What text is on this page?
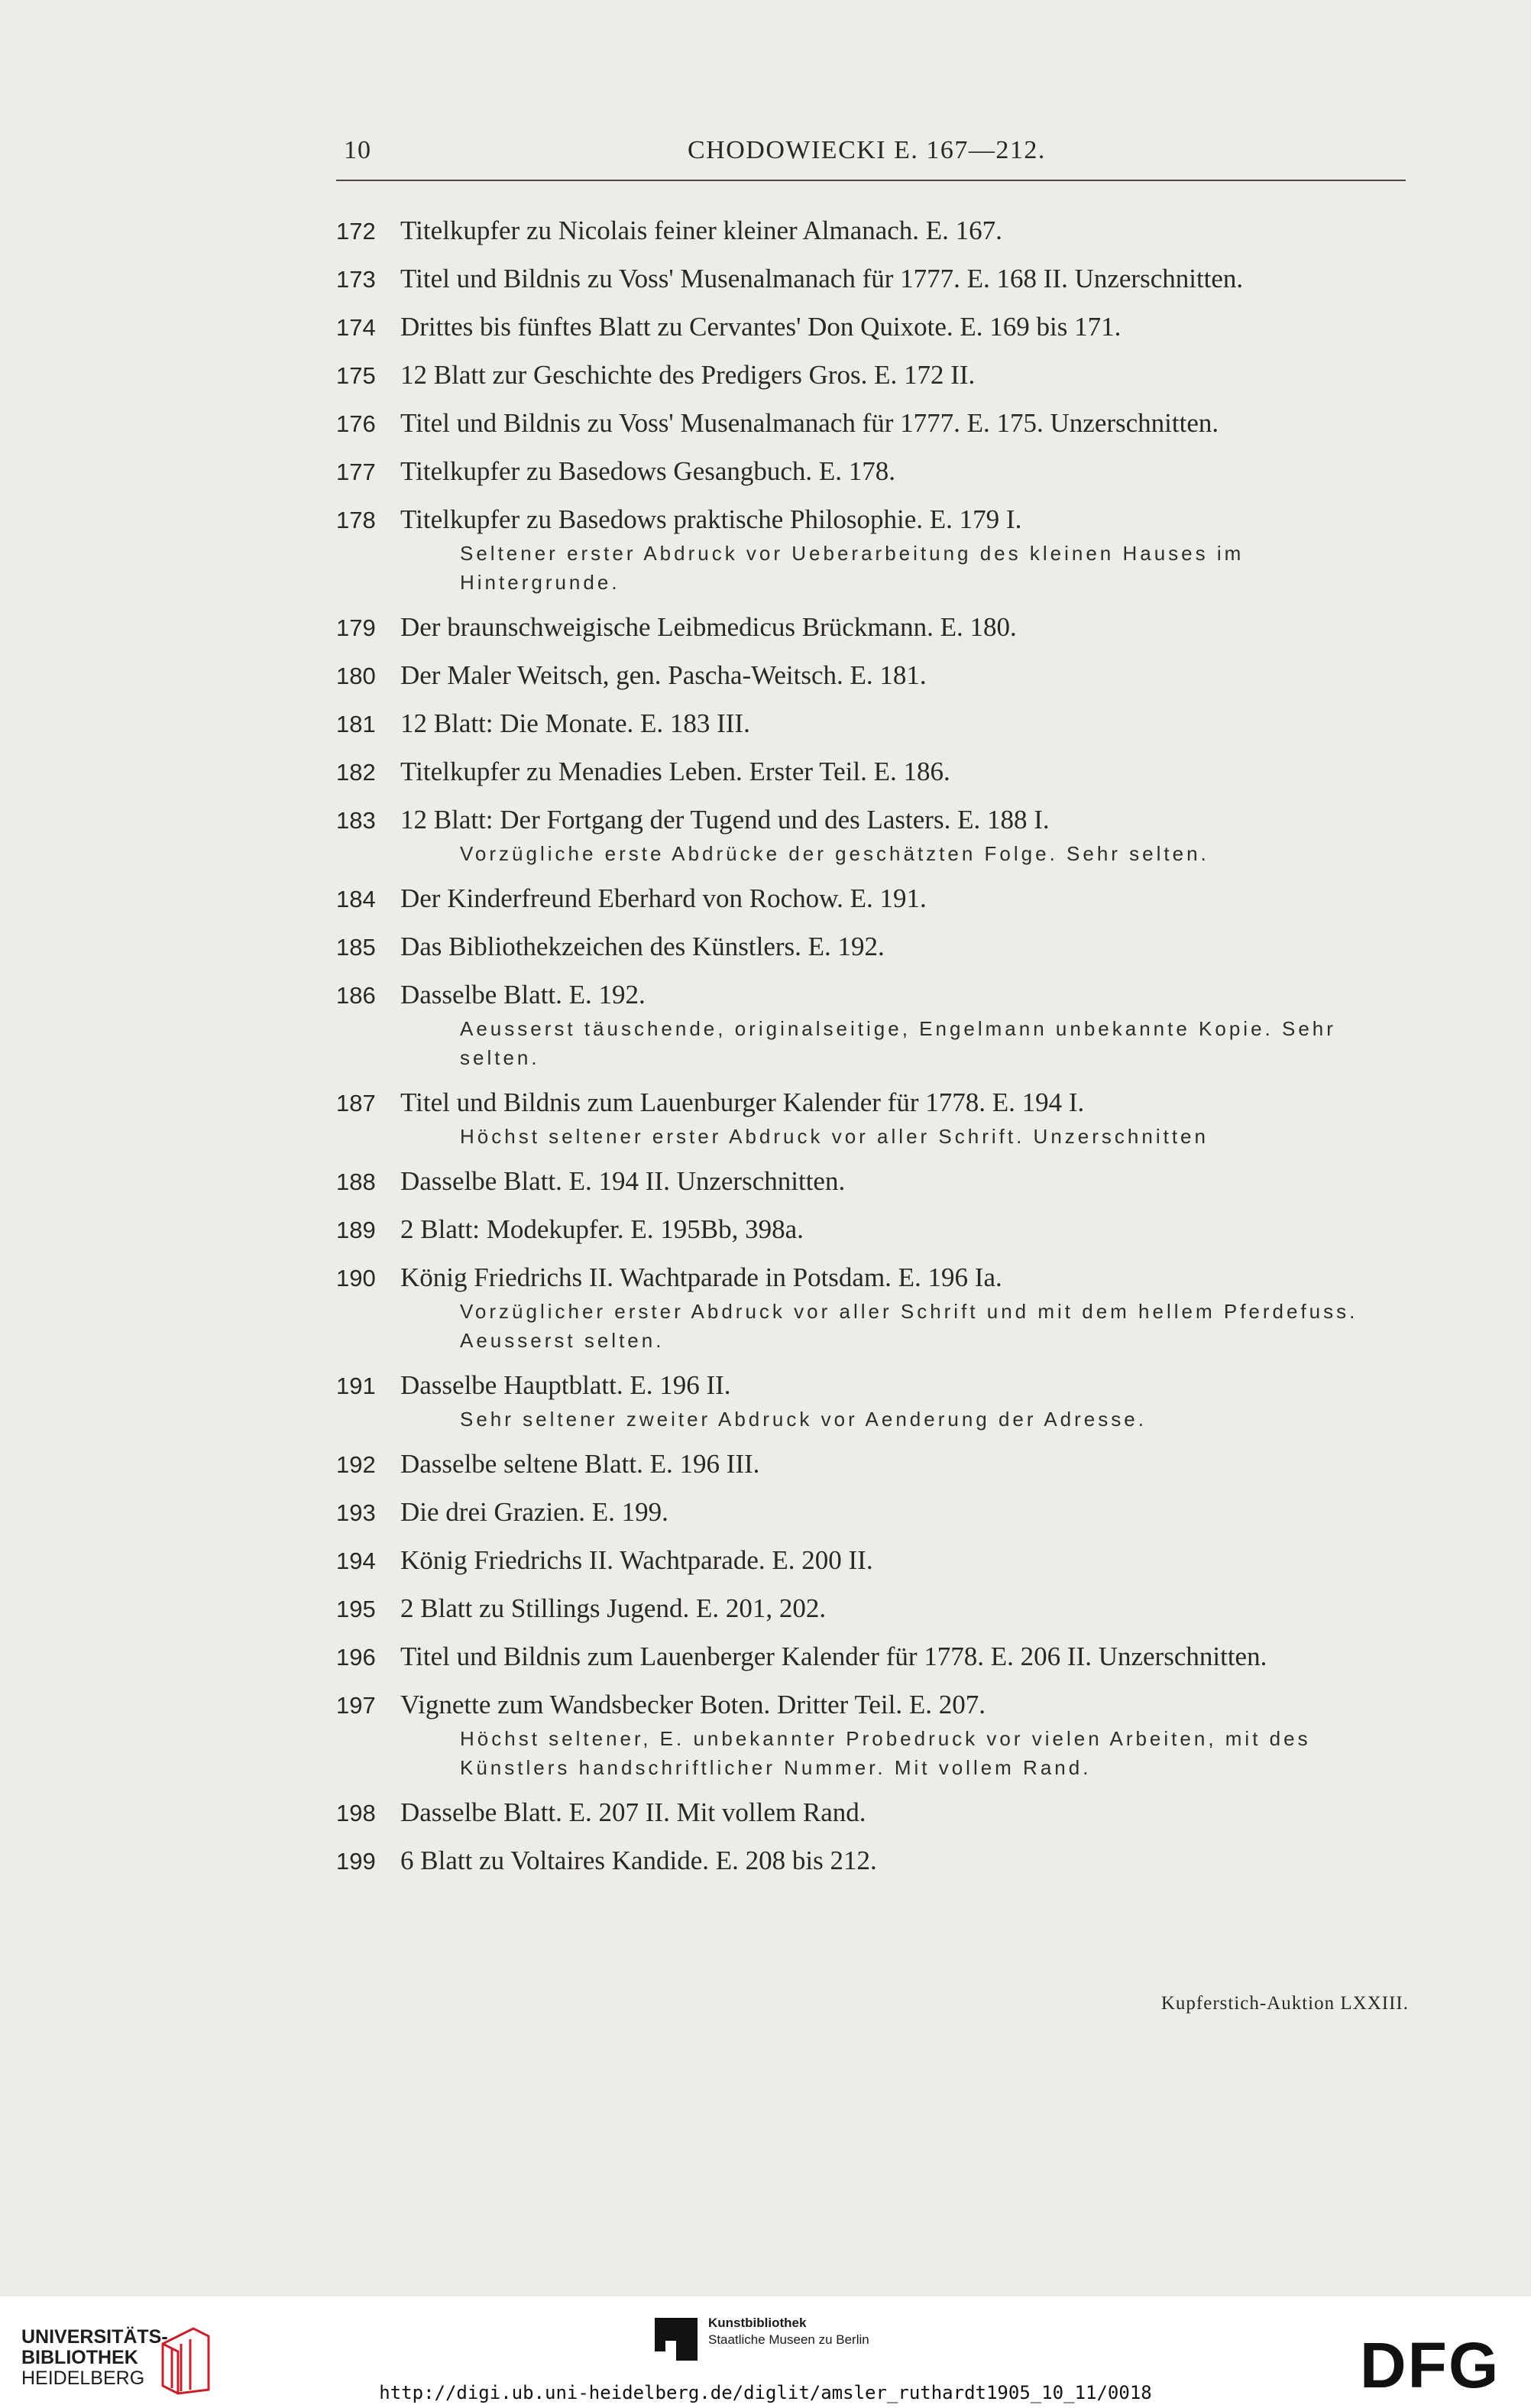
10	CHODOWIECKI E. 167—212.
172 Titelkupfer zu Nicolais feiner kleiner Almanach. E. 167.
173 Titel und Bildnis zu Voss' Musenalmanach für 1777. E. 168 II. Unzerschnitten.
174 Drittes bis fünftes Blatt zu Cervantes' Don Quixote. E. 169 bis 171.
175 12 Blatt zur Geschichte des Predigers Gros. E. 172 II.
176 Titel und Bildnis zu Voss' Musenalmanach für 1777. E. 175. Unzerschnitten.
177 Titelkupfer zu Basedows Gesangbuch. E. 178.
178 Titelkupfer zu Basedows praktische Philosophie. E. 179 I.
Seltener erster Abdruck vor Ueberarbeitung des kleinen Hauses im Hintergrunde.
179 Der braunschweigische Leibmedicus Brückmann. E. 180.
180 Der Maler Weitsch, gen. Pascha-Weitsch. E. 181.
181 12 Blatt: Die Monate. E. 183 III.
182 Titelkupfer zu Menadies Leben. Erster Teil. E. 186.
183 12 Blatt: Der Fortgang der Tugend und des Lasters. E. 188 I.
Vorzügliche erste Abdrücke der geschätzten Folge. Sehr selten.
184 Der Kinderfreund Eberhard von Rochow. E. 191.
185 Das Bibliothekzeichen des Künstlers. E. 192.
186 Dasselbe Blatt. E. 192.
Aeusserst täuschende, originalseitige, Engelmann unbekannte Kopie. Sehr selten.
187 Titel und Bildnis zum Lauenburger Kalender für 1778. E. 194 I.
Höchst seltener erster Abdruck vor aller Schrift. Unzerschnitten
188 Dasselbe Blatt. E. 194 II. Unzerschnitten.
189 2 Blatt: Modekupfer. E. 195Bb, 398a.
190 König Friedrichs II. Wachtparade in Potsdam. E. 196 Ia.
Vorzüglicher erster Abdruck vor aller Schrift und mit dem hellem Pferdefuss. Aeusserst selten.
191 Dasselbe Hauptblatt. E. 196 II.
Sehr seltener zweiter Abdruck vor Aenderung der Adresse.
192 Dasselbe seltene Blatt. E. 196 III.
193 Die drei Grazien. E. 199.
194 König Friedrichs II. Wachtparade. E. 200 II.
195 2 Blatt zu Stillings Jugend. E. 201, 202.
196 Titel und Bildnis zum Lauenberger Kalender für 1778. E. 206 II. Unzerschnitten.
197 Vignette zum Wandsbecker Boten. Dritter Teil. E. 207.
Höchst seltener, E. unbekannter Probedruck vor vielen Arbeiten, mit des Künstlers handschriftlicher Nummer. Mit vollem Rand.
198 Dasselbe Blatt. E. 207 II. Mit vollem Rand.
199 6 Blatt zu Voltaires Kandide. E. 208 bis 212.
Kupferstich-Auktion LXXIII.
UNIVERSITÄTS-
BIBLIOTHEK
HEIDELBERG
Kunstbibliothek
Staatliche Museen zu Berlin	DFG
http://digi.ub.uni-heidelberg.de/diglit/amsler_ruthardt1905_10_11/0018
